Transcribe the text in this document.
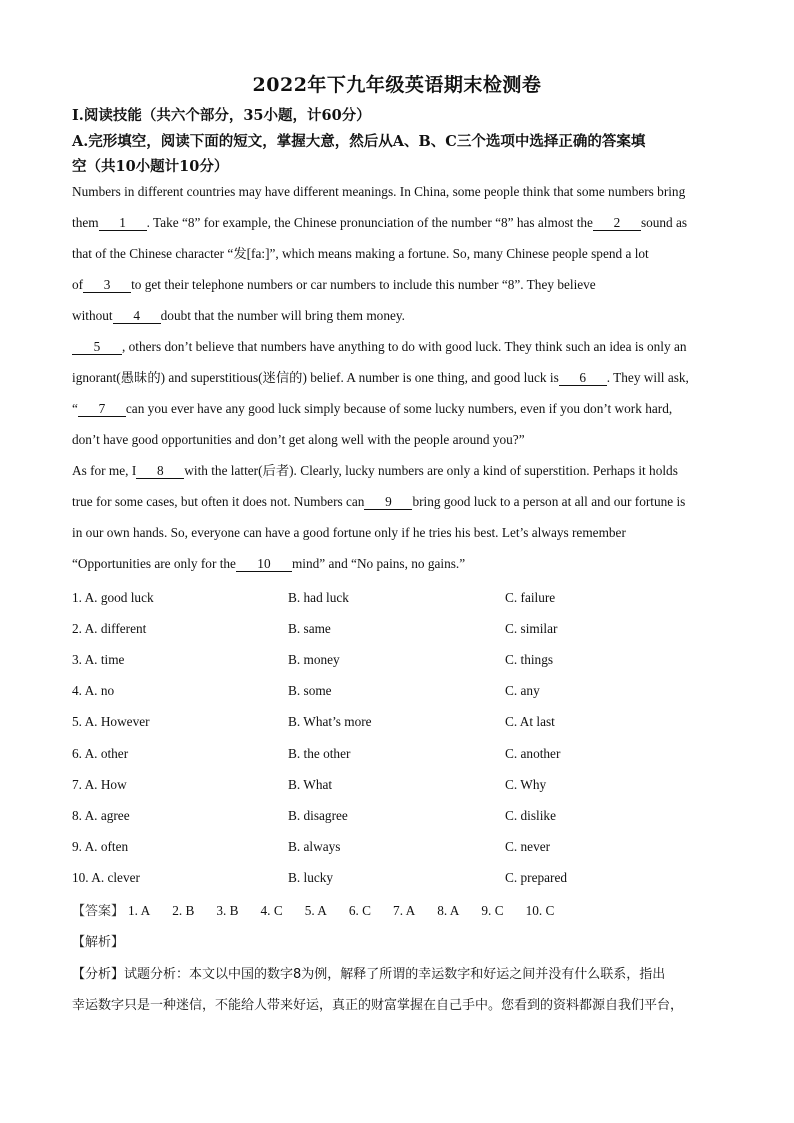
2022年下九年级英语期末检测卷
I.阅读技能（共六个部分，35小题，计60分）
A.完形填空，阅读下面的短文，掌握大意，然后从A、B、C三个选项中选择正确的答案填
空（共10小题计10分）
Numbers in different countries may have different meanings. In China, some people think that some numbers bring
them 1 . Take “8” for example, the Chinese pronunciation of the number “8” has almost the 2 sound as
that of the Chinese character “发[fa:]”, which means making a fortune. So, many Chinese people spend a lot
of 3 to get their telephone numbers or car numbers to include this number “8”. They believe
without 4 doubt that the number will bring them money.
5 , others don’t believe that numbers have anything to do with good luck. They think such an idea is only an
ignorant(愚昧的) and superstitious(迷信的) belief. A number is one thing, and good luck is 6 . They will ask,
“ 7 can you ever have any good luck simply because of some lucky numbers, even if you don’t work hard,
don’t have good opportunities and don’t get along well with the people around you?”
As for me, I 8 with the latter(后者). Clearly, lucky numbers are only a kind of superstition. Perhaps it holds
true for some cases, but often it does not. Numbers can 9 bring good luck to a person at all and our fortune is
in our own hands. So, everyone can have a good fortune only if he tries his best. Let’s always remember
“Opportunities are only for the 10 mind” and “No pains, no gains.”
1. A. good luck	B. had luck	C. failure
2. A. different	B. same	C. similar
3. A. time	B. money	C. things
4. A. no	B. some	C. any
5. A. However	B. What’s more	C. At last
6. A. other	B. the other	C. another
7. A. How	B. What	C. Why
8. A. agree	B. disagree	C. dislike
9. A. often	B. always	C. never
10. A. clever	B. lucky	C. prepared
【答案】 1. A 2. B 3. B 4. C 5. A 6. C 7. A 8. A 9. C 10. C
【解析】
【分析】试题分析：本文以中国的数字8为例，解释了所谓的幸运数字和好运之间并没有什么联系，指出
幸运数字只是一种迷信，不能给人带来好运，真正的财富掌握在自己手中。您看到的资料都源自我们平台，
